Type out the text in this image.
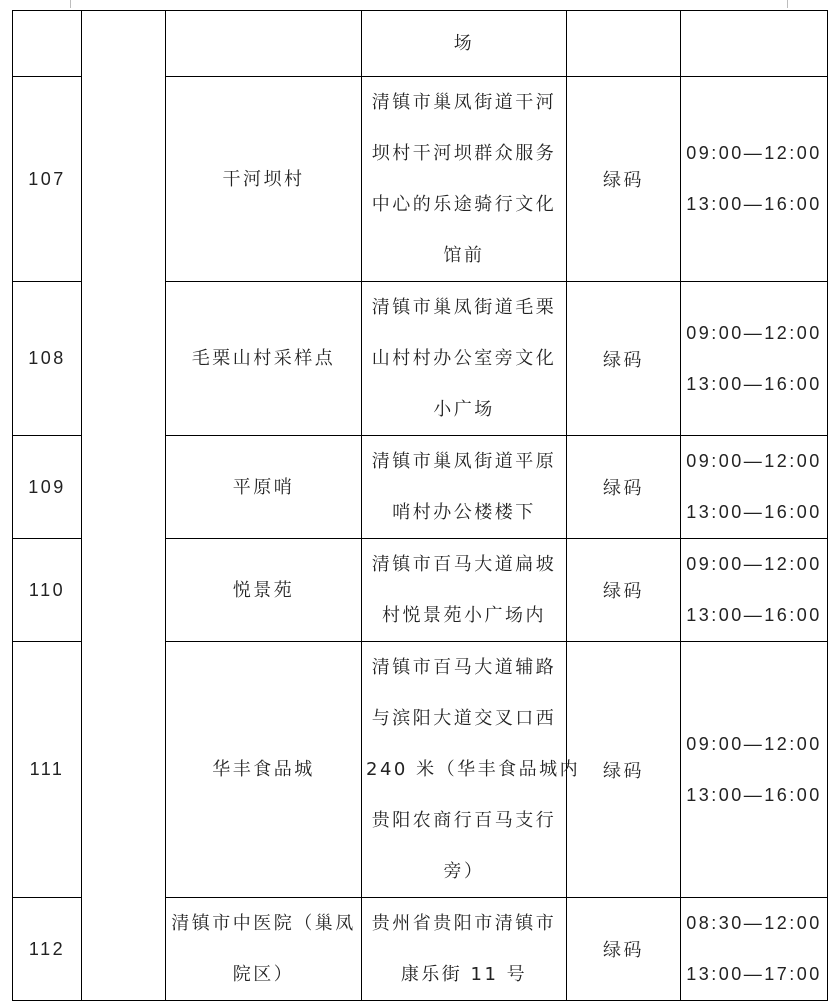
			场		

107		干河坝村	清镇市巢凤街道干河
坝村干河坝群众服务
中心的乐途骑行文化
馆前	绿码	09:00—12:00
13:00—16:00

108		毛栗山村采样点	清镇市巢凤街道毛栗
山村村办公室旁文化
小广场	绿码	09:00—12:00
13:00—16:00

109		平原哨	清镇市巢凤街道平原
哨村办公楼楼下	绿码	09:00—12:00
13:00—16:00

110		悦景苑	清镇市百马大道扁坡
村悦景苑小广场内	绿码	09:00—12:00
13:00—16:00

111		华丰食品城	清镇市百马大道辅路
与滨阳大道交叉口西
240 米（华丰食品城内
贵阳农商行百马支行
旁）	绿码	09:00—12:00
13:00—16:00

112		清镇市中医院（巢凤
院区）	贵州省贵阳市清镇市
康乐街 11 号	绿码	08:30—12:00
13:00—17:00
